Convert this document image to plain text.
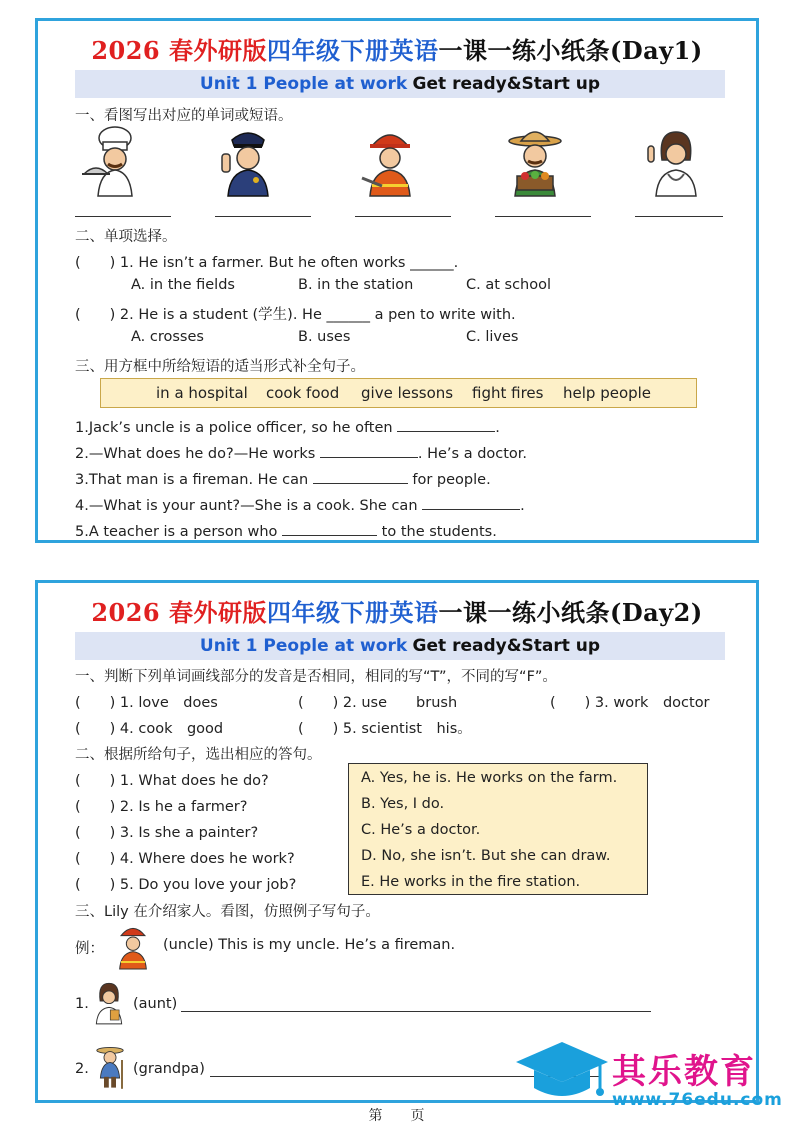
2026 春外研版四年级下册英语一课一练小纸条(Day1)
Unit 1 People at work Get ready&Start up
一、看图写出对应的单词或短语。
二、单项选择。
(　　) 1. He isn’t a farmer. But he often works ______.
A. in the fields	B. in the station	C. at school
(　　) 2. He is a student (学生). He ______ a pen to write with.
A. crosses	B. uses	C. lives
三、用方框中所给短语的适当形式补全句子。
in a hospital cook food give lessons fight fires help people
1.Jack’s uncle is a police officer, so he often	.
2.—What does he do?—He works	. He’s a doctor.
3.That man is a fireman. He can	for people.
4.—What is your aunt?—She is a cook. She can	.
5.A teacher is a person who	to the students.
2026 春外研版四年级下册英语一课一练小纸条(Day2)
Unit 1 People at work Get ready&Start up
一、判断下列单词画线部分的发音是否相同，相同的写“T”，不同的写“F”。
(　　) 1. love　does	(　　) 2. use　　brush	(　　) 3. work　doctor
(　　) 4. cook　good	(　　) 5. scientist　his。
二、根据所给句子，选出相应的答句。
(　　) 1. What does he do?
(　　) 2. Is he a farmer?
(　　) 3. Is she a painter?
(　　) 4. Where does he work?
(　　) 5. Do you love your job?
A. Yes, he is. He works on the farm.
B. Yes, I do.
C. He’s a doctor.
D. No, she isn’t. But she can draw.
E. He works in the fire station.
三、Lily 在介绍家人。看图，仿照例子写句子。
例：	(uncle) This is my uncle. He’s a fireman.
1.	(aunt)
2.	(grandpa)	其乐教育
www.76edu.com
第　　页
